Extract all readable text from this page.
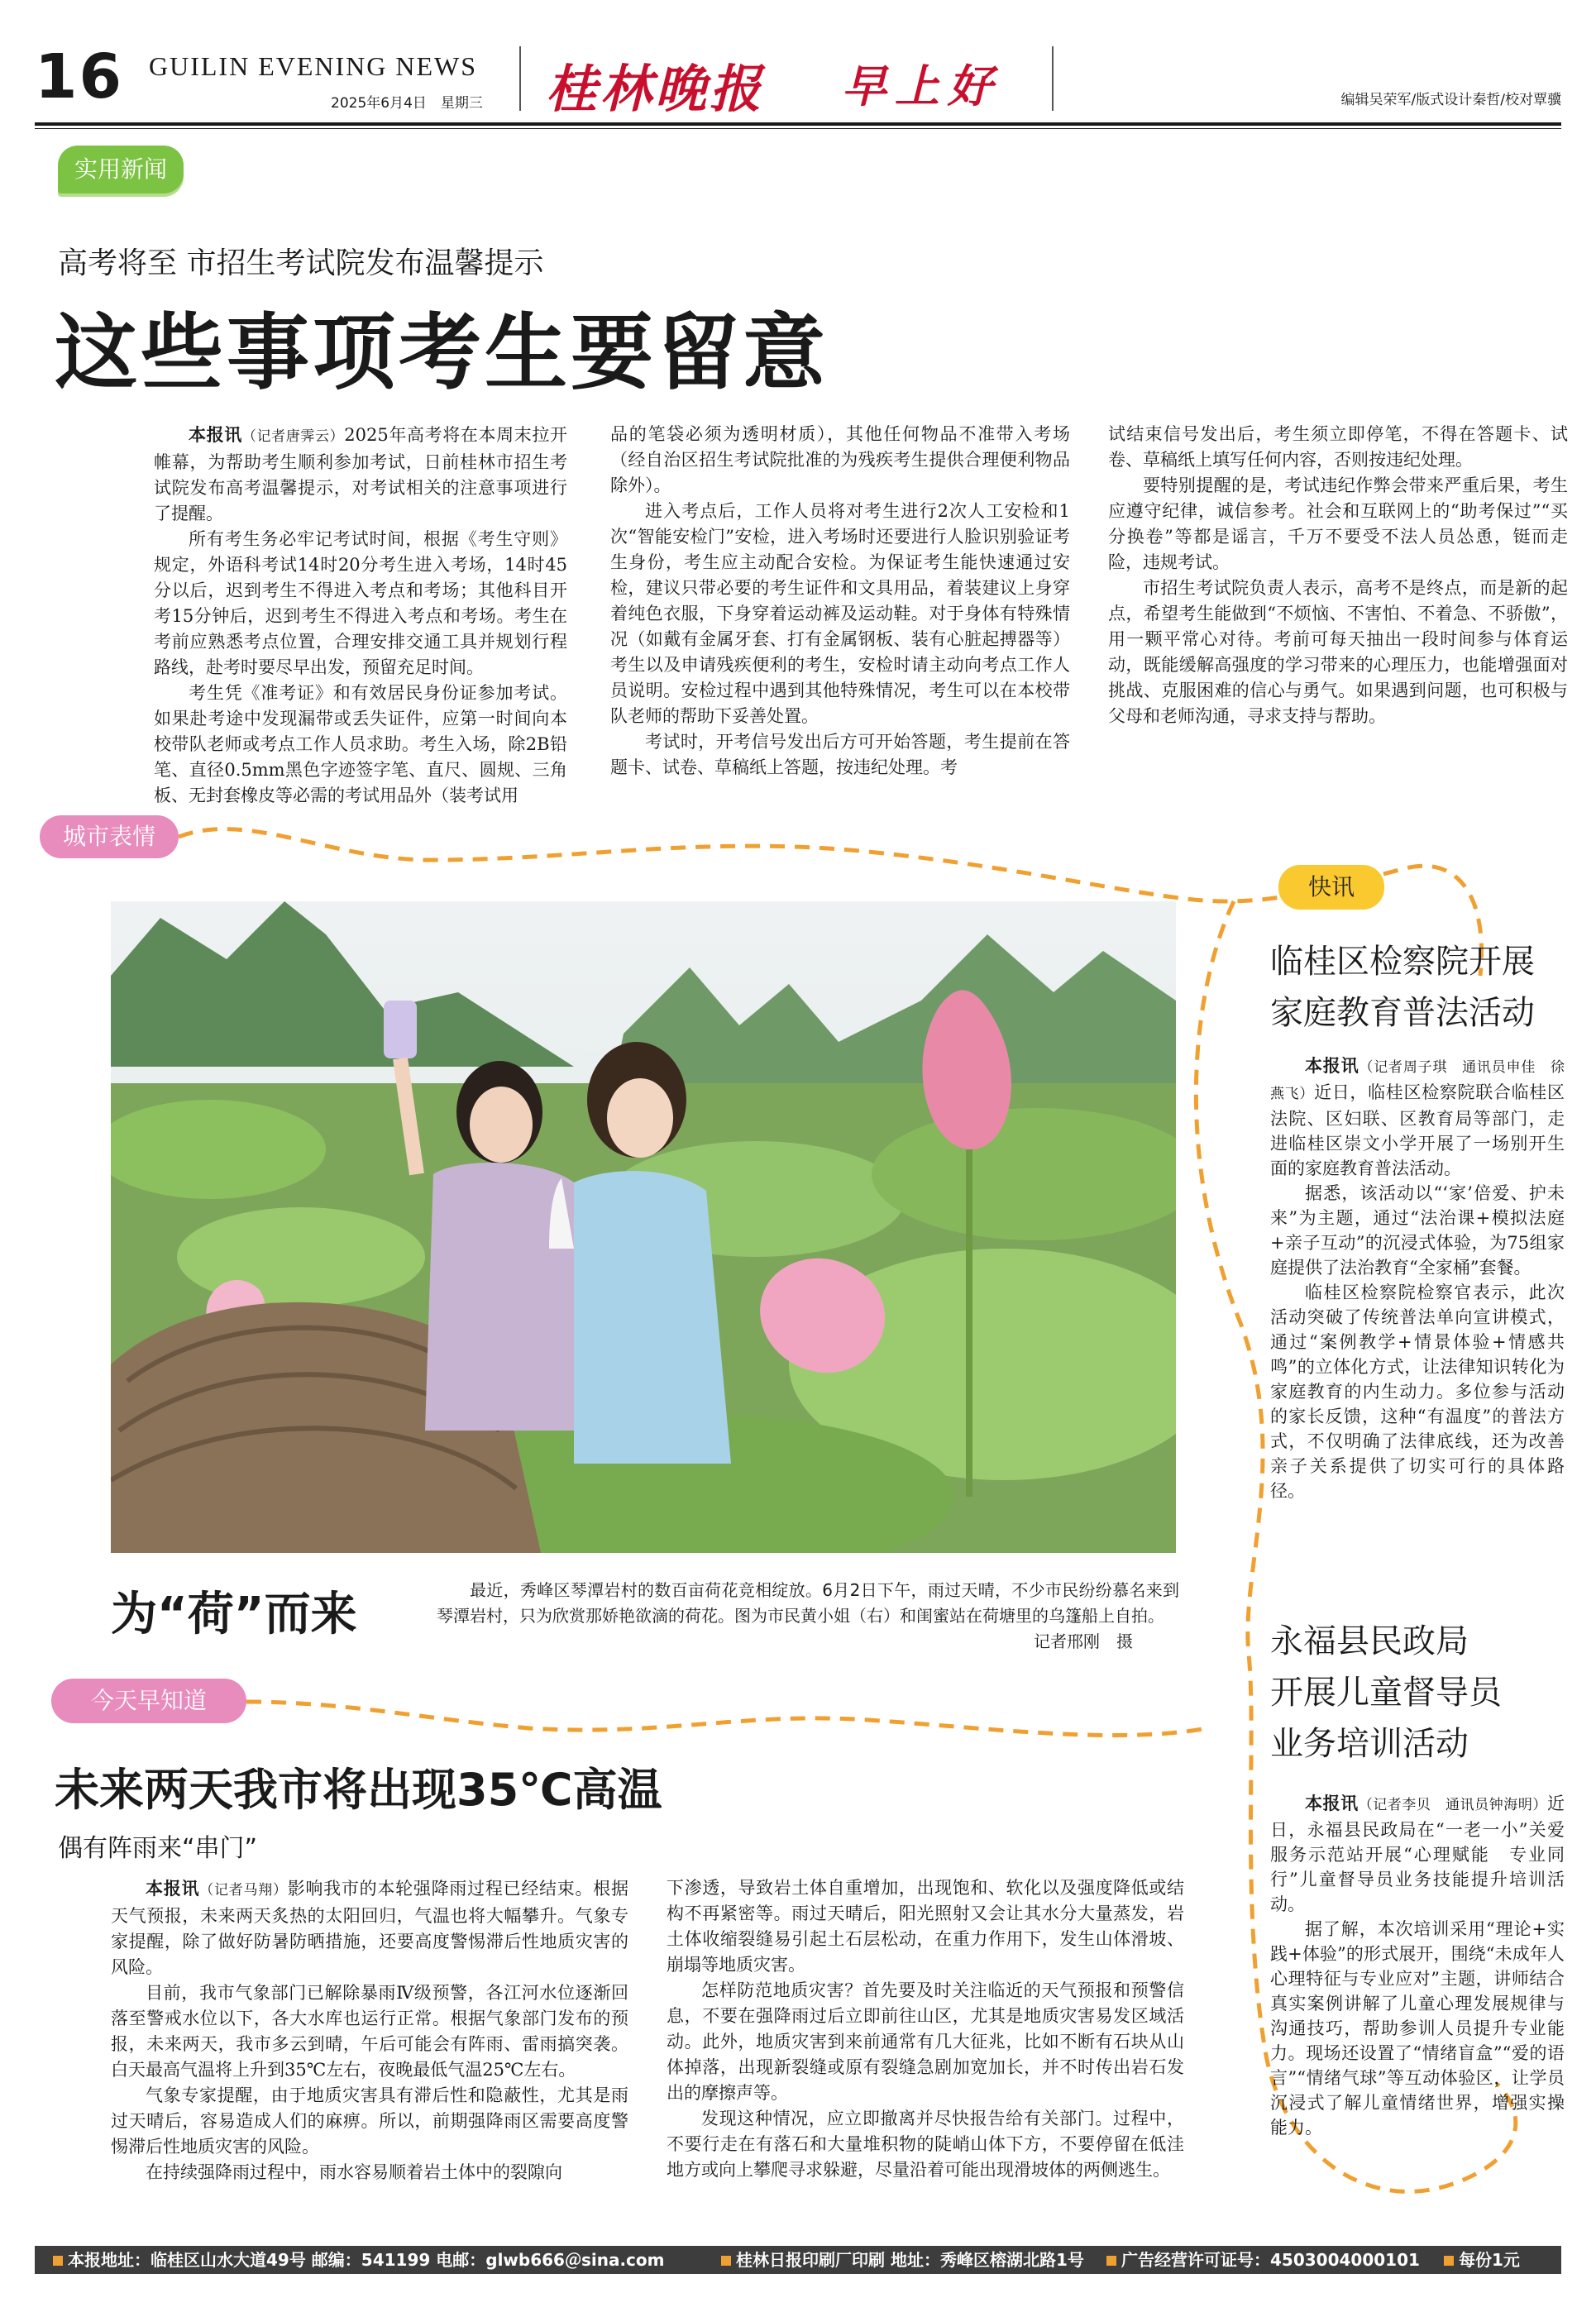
16 GUILIN EVENING NEWS
2025年6月4日　星期三 桂林晚报 早上好	编辑吴荣军/版式设计秦哲/校对覃骥
实用新闻
高考将至 市招生考试院发布温馨提示
这些事项考生要留意

本报讯（记者唐霁云）2025年高考将在本周末拉开帷幕，为帮助考生顺利参加考试，日前桂林市招生考试院发布高考温馨提示，对考试相关的注意事项进行了提醒。

所有考生务必牢记考试时间，根据《考生守则》规定，外语科考试14时20分考生进入考场，14时45分以后，迟到考生不得进入考点和考场；其他科目开考15分钟后，迟到考生不得进入考点和考场。考生在考前应熟悉考点位置，合理安排交通工具并规划行程路线，赴考时要尽早出发，预留充足时间。

考生凭《准考证》和有效居民身份证参加考试。如果赴考途中发现漏带或丢失证件，应第一时间向本校带队老师或考点工作人员求助。考生入场，除2B铅笔、直径0.5mm黑色字迹签字笔、直尺、圆规、三角板、无封套橡皮等必需的考试用品外（装考试用

品的笔袋必须为透明材质），其他任何物品不准带入考场（经自治区招生考试院批准的为残疾考生提供合理便利物品除外）。

进入考点后，工作人员将对考生进行2次人工安检和1次“智能安检门”安检，进入考场时还要进行人脸识别验证考生身份，考生应主动配合安检。为保证考生能快速通过安检，建议只带必要的考生证件和文具用品，着装建议上身穿着纯色衣服，下身穿着运动裤及运动鞋。对于身体有特殊情况（如戴有金属牙套、打有金属钢板、装有心脏起搏器等）考生以及申请残疾便利的考生，安检时请主动向考点工作人员说明。安检过程中遇到其他特殊情况，考生可以在本校带队老师的帮助下妥善处置。

考试时，开考信号发出后方可开始答题，考生提前在答题卡、试卷、草稿纸上答题，按违纪处理。考

试结束信号发出后，考生须立即停笔，不得在答题卡、试卷、草稿纸上填写任何内容，否则按违纪处理。

要特别提醒的是，考试违纪作弊会带来严重后果，考生应遵守纪律，诚信参考。社会和互联网上的“助考保过”“买分换卷”等都是谣言，千万不要受不法人员怂恿，铤而走险，违规考试。

市招生考试院负责人表示，高考不是终点，而是新的起点，希望考生能做到“不烦恼、不害怕、不着急、不骄傲”，用一颗平常心对待。考前可每天抽出一段时间参与体育运动，既能缓解高强度的学习带来的心理压力，也能增强面对挑战、克服困难的信心与勇气。如果遇到问题，也可积极与父母和老师沟通，寻求支持与帮助。

城市表情
为“荷”而来	最近，秀峰区琴潭岩村的数百亩荷花竞相绽放。6月2日下午，雨过天晴，不少市民纷纷慕名来到琴潭岩村，只为欣赏那娇艳欲滴的荷花。图为市民黄小姐（右）和闺蜜站在荷塘里的乌篷船上自拍。
记者邢刚　摄
快讯
临桂区检察院开展
家庭教育普法活动

本报讯（记者周子琪　通讯员申佳　徐燕飞）近日，临桂区检察院联合临桂区法院、区妇联、区教育局等部门，走进临桂区崇文小学开展了一场别开生面的家庭教育普法活动。

据悉，该活动以“‘家’倍爱、护未来”为主题，通过“法治课+模拟法庭+亲子互动”的沉浸式体验，为75组家庭提供了法治教育“全家桶”套餐。

临桂区检察院检察官表示，此次活动突破了传统普法单向宣讲模式，通过“案例教学+情景体验+情感共鸣”的立体化方式，让法律知识转化为家庭教育的内生动力。多位参与活动的家长反馈，这种“有温度”的普法方式，不仅明确了法律底线，还为改善亲子关系提供了切实可行的具体路径。

永福县民政局
开展儿童督导员
业务培训活动

本报讯（记者李贝　通讯员钟海明）近日，永福县民政局在“一老一小”关爱服务示范站开展“心理赋能　专业同行”儿童督导员业务技能提升培训活动。

据了解，本次培训采用“理论+实践+体验”的形式展开，围绕“未成年人心理特征与专业应对”主题，讲师结合真实案例讲解了儿童心理发展规律与沟通技巧，帮助参训人员提升专业能力。现场还设置了“情绪盲盒”“爱的语言”“情绪气球”等互动体验区，让学员沉浸式了解儿童情绪世界，增强实操能力。

今天早知道
未来两天我市将出现35℃高温
偶有阵雨来“串门”

本报讯（记者马翔）影响我市的本轮强降雨过程已经结束。根据天气预报，未来两天炙热的太阳回归，气温也将大幅攀升。气象专家提醒，除了做好防暑防晒措施，还要高度警惕滞后性地质灾害的风险。

目前，我市气象部门已解除暴雨Ⅳ级预警，各江河水位逐渐回落至警戒水位以下，各大水库也运行正常。根据气象部门发布的预报，未来两天，我市多云到晴，午后可能会有阵雨、雷雨搞突袭。白天最高气温将上升到35℃左右，夜晚最低气温25℃左右。

气象专家提醒，由于地质灾害具有滞后性和隐蔽性，尤其是雨过天晴后，容易造成人们的麻痹。所以，前期强降雨区需要高度警惕滞后性地质灾害的风险。

在持续强降雨过程中，雨水容易顺着岩土体中的裂隙向

下渗透，导致岩土体自重增加，出现饱和、软化以及强度降低或结构不再紧密等。雨过天晴后，阳光照射又会让其水分大量蒸发，岩土体收缩裂缝易引起土石层松动，在重力作用下，发生山体滑坡、崩塌等地质灾害。

怎样防范地质灾害？首先要及时关注临近的天气预报和预警信息，不要在强降雨过后立即前往山区，尤其是地质灾害易发区域活动。此外，地质灾害到来前通常有几大征兆，比如不断有石块从山体掉落，出现新裂缝或原有裂缝急剧加宽加长，并不时传出岩石发出的摩擦声等。

发现这种情况，应立即撤离并尽快报告给有关部门。过程中，不要行走在有落石和大量堆积物的陡峭山体下方，不要停留在低洼地方或向上攀爬寻求躲避，尽量沿着可能出现滑坡体的两侧逃生。

本报地址：临桂区山水大道49号 邮编：541199 电邮：glwb666＠sina.com	桂林日报印刷厂印刷 地址：秀峰区榕湖北路1号	广告经营许可证号：4503004000101	每份1元
